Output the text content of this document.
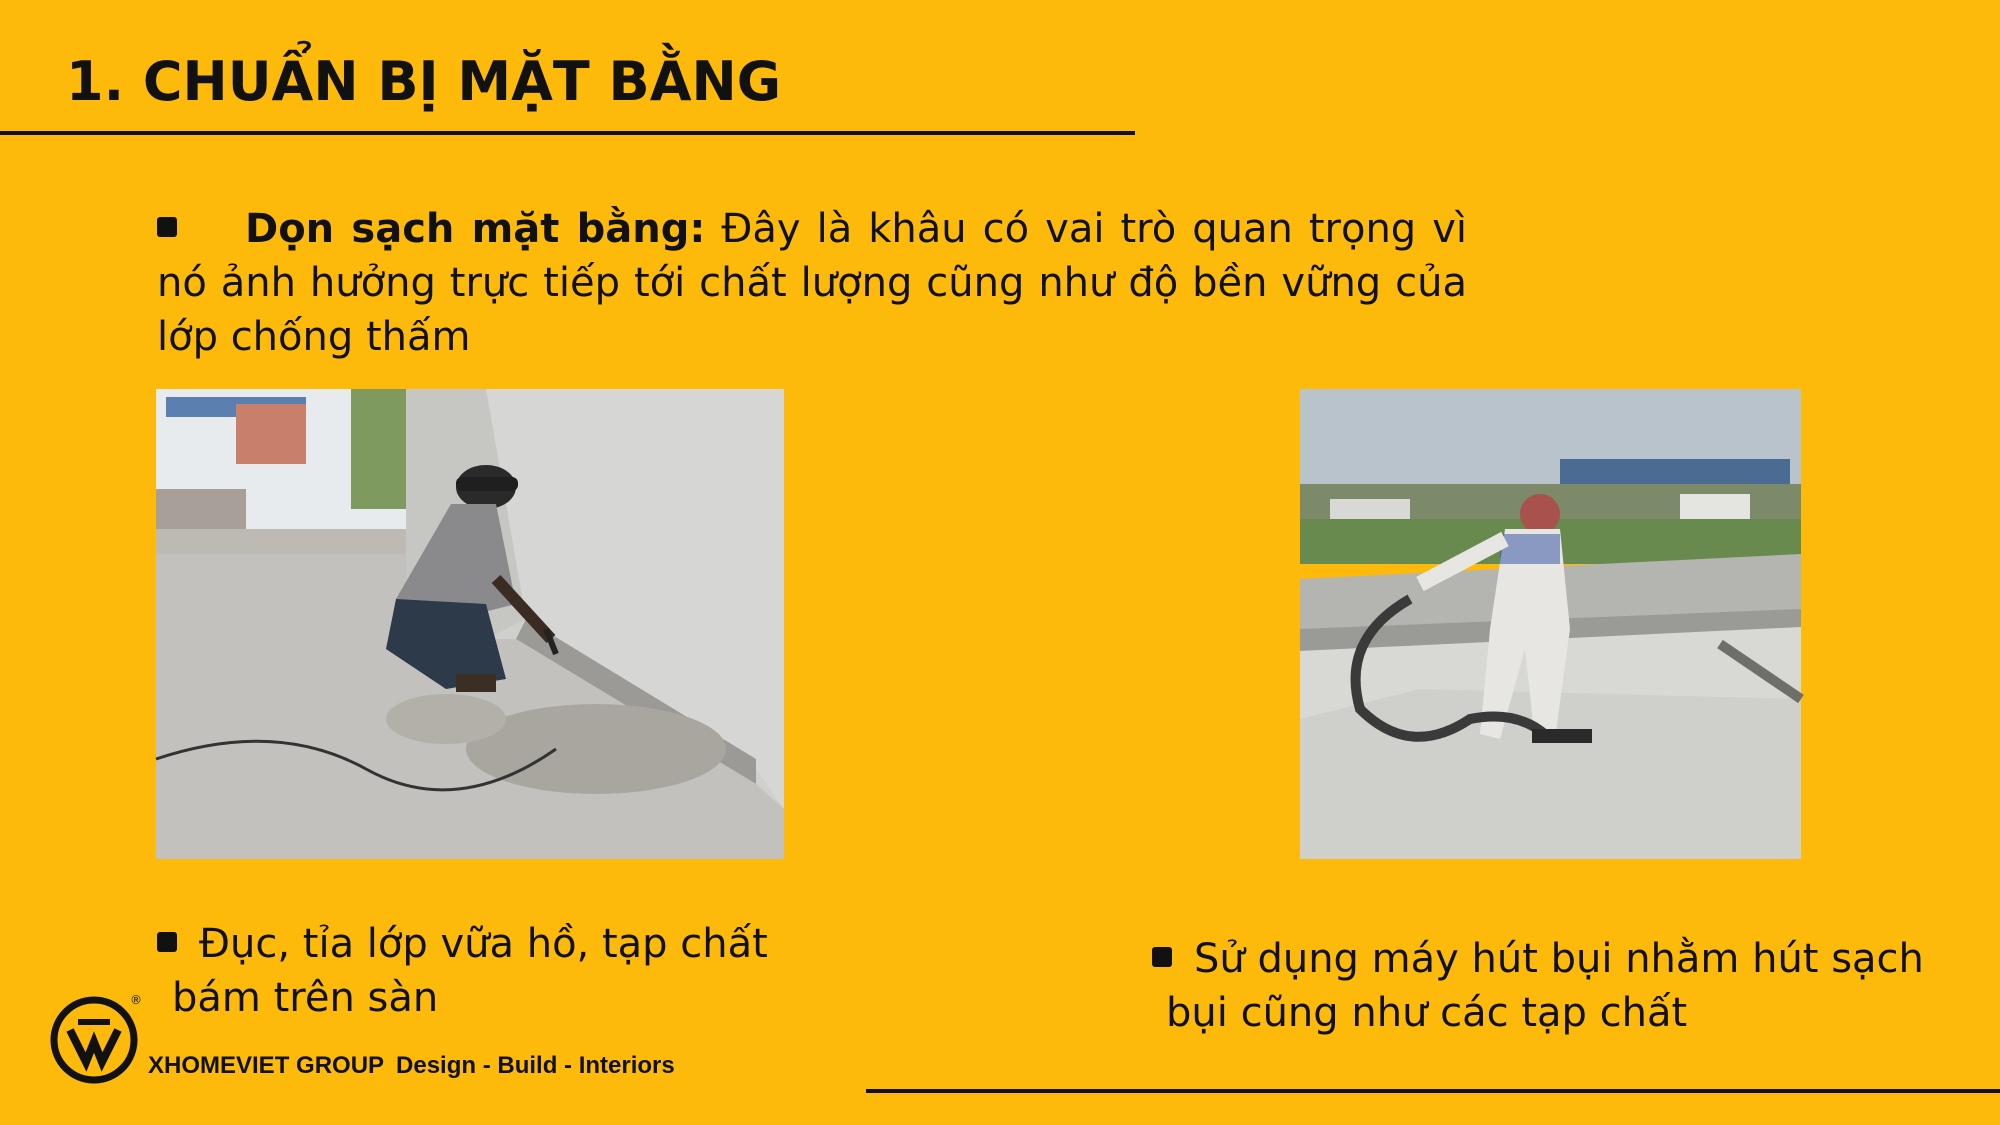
1. CHUẨN BỊ MẶT BẰNG

Dọn sạch mặt bằng: Đây là khâu có vai trò quan trọng vì nó ảnh hưởng trực tiếp tới chất lượng cũng như độ bền vững của lớp chống thấm

Đục, tỉa lớp vữa hồ, tạp chất
bám trên sàn

Sử dụng máy hút bụi nhằm hút sạch
bụi cũng như các tạp chất

®
XHOMEVIET GROUP Design - Build - Interiors
